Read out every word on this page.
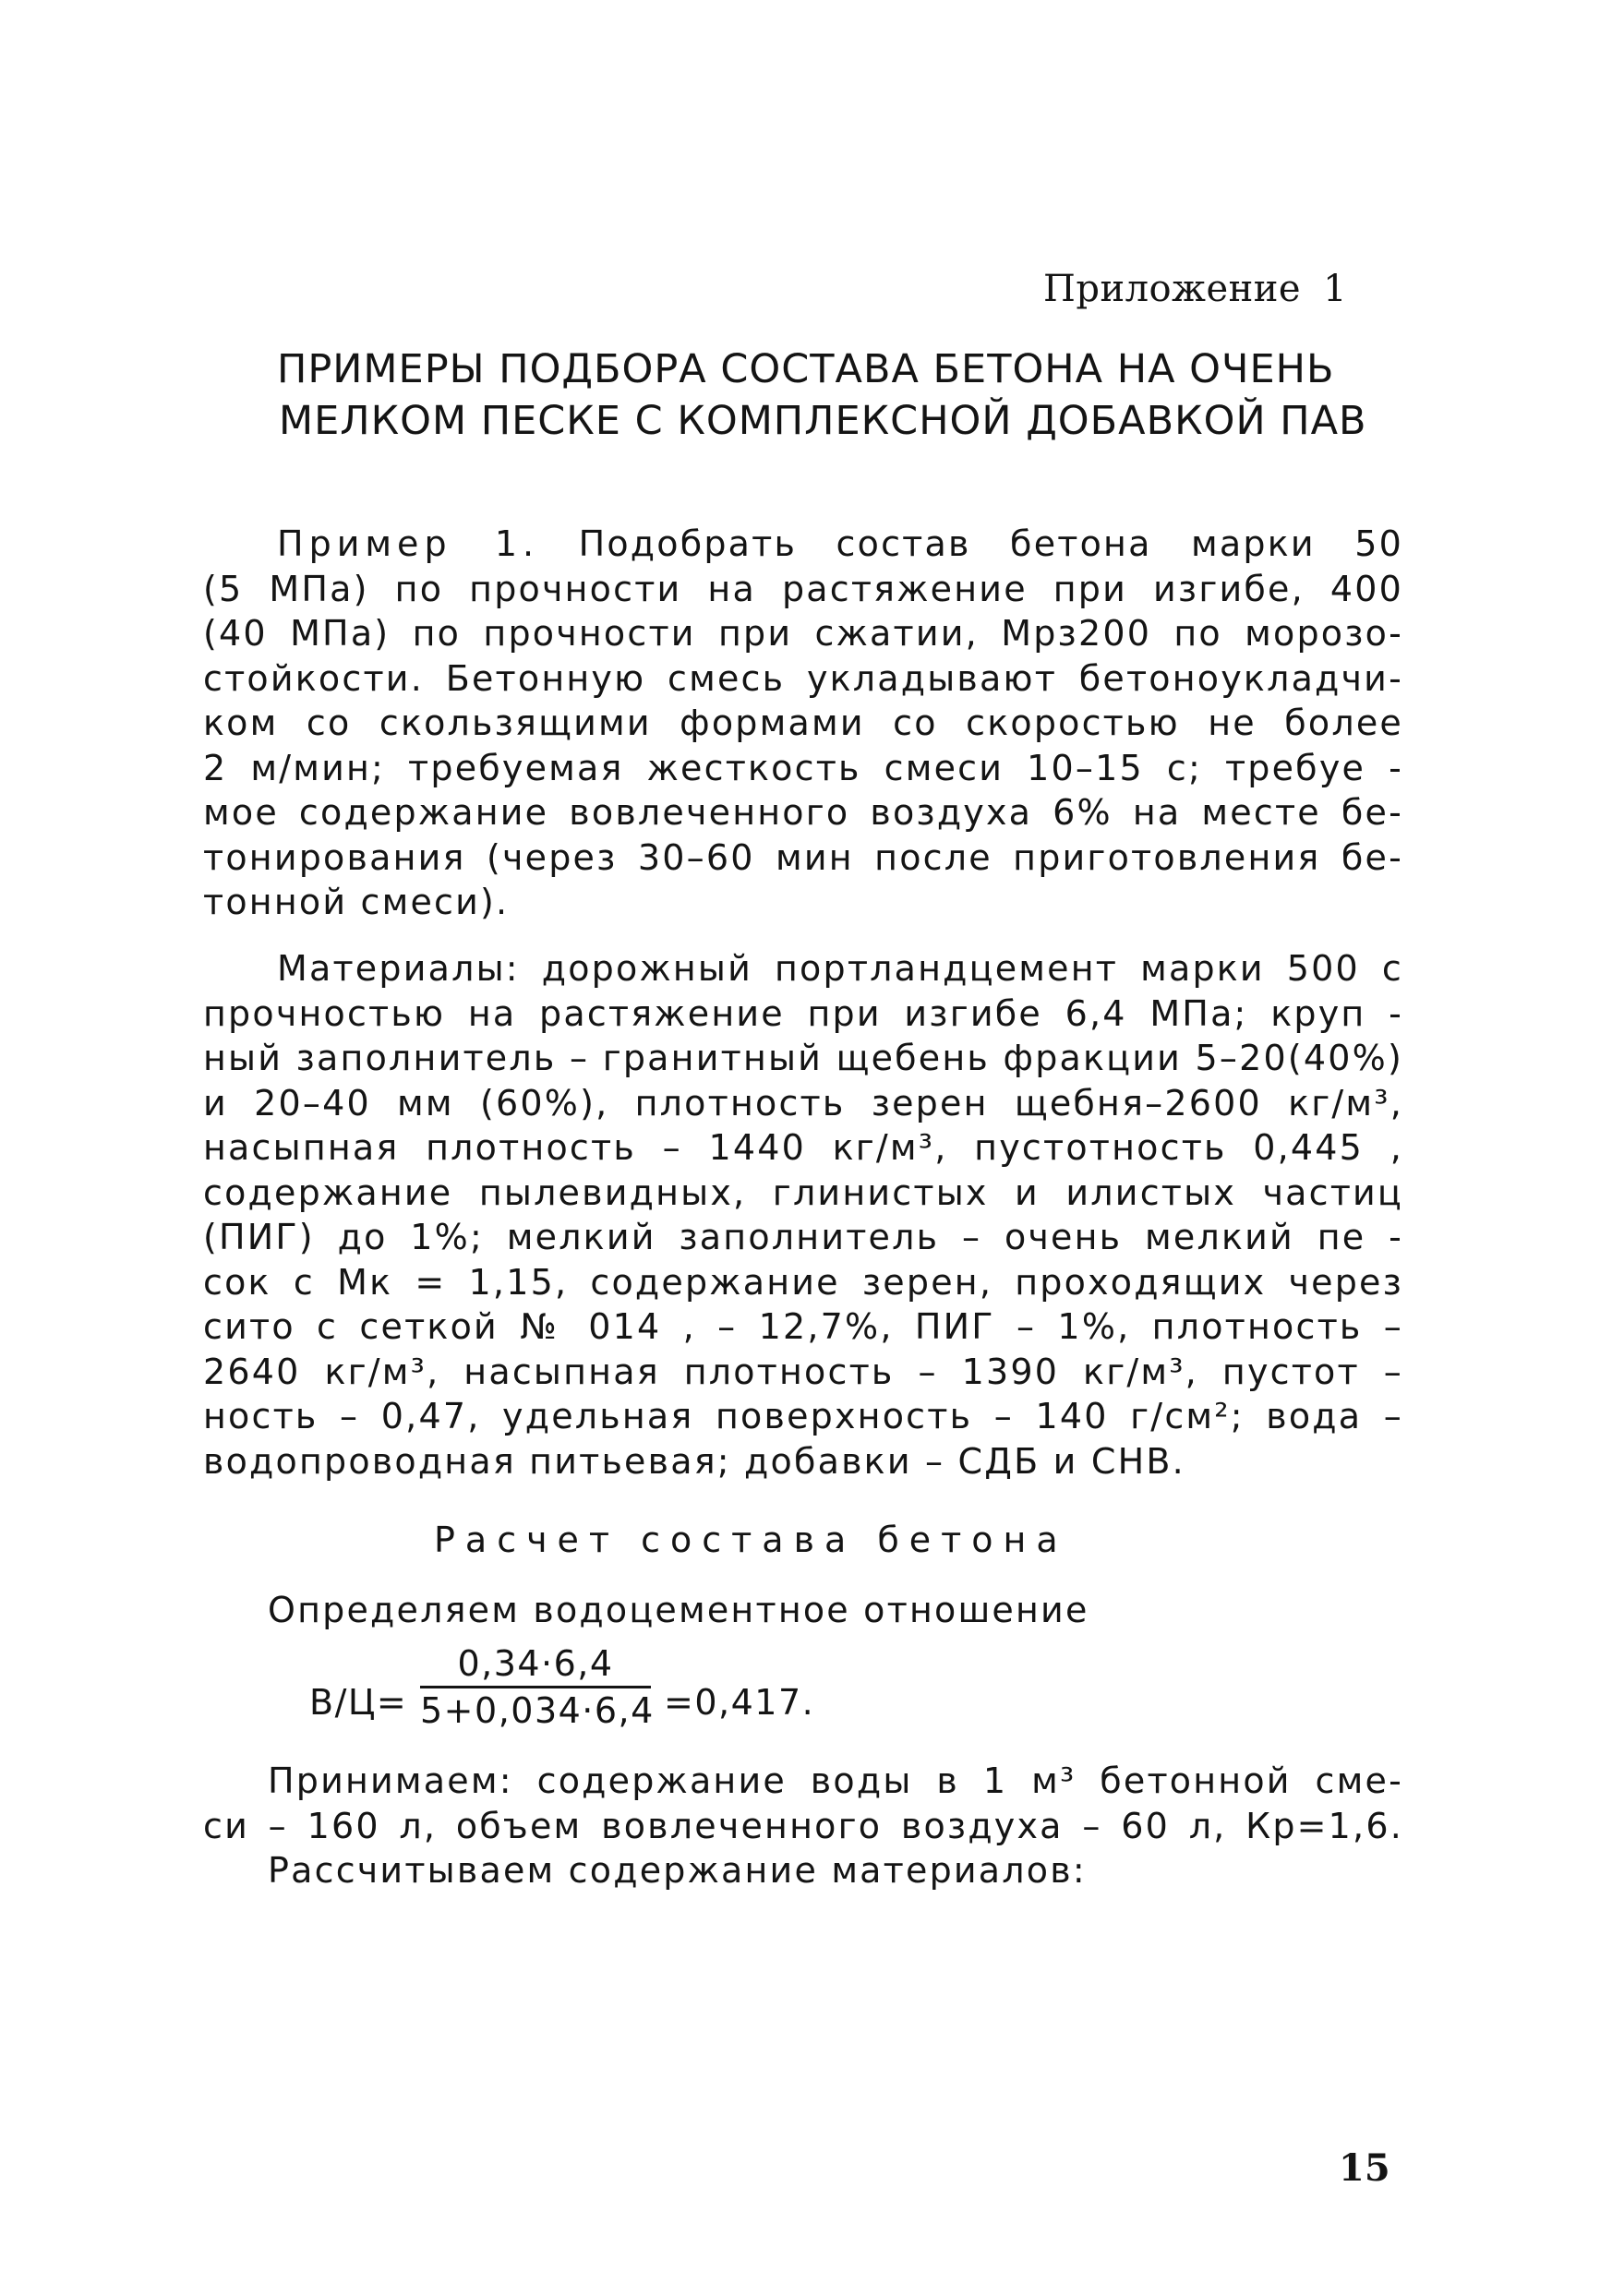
Приложение 1
ПРИМЕРЫ ПОДБОРА СОСТАВА БЕТОНА НА ОЧЕНЬ
МЕЛКОМ ПЕСКЕ С КОМПЛЕКСНОЙ ДОБАВКОЙ ПАВ
Пример 1. Подобрать состав бетона марки 50
(5 МПа) по прочности на растяжение при изгибе, 400
(40 МПа) по прочности при сжатии, Мрз200 по морозо-
стойкости. Бетонную смесь укладывают бетоноукладчи-
ком со скользящими формами со скоростью не более
2 м/мин; требуемая жесткость смеси 10–15 с; требуе -
мое содержание вовлеченного воздуха 6% на месте бе-
тонирования (через 30–60 мин после приготовления бе-
тонной смеси).
Материалы: дорожный портландцемент марки 500 с
прочностью на растяжение при изгибе 6,4 МПа; круп -
ный заполнитель – гранитный щебень фракции 5–20(40%)
и 20–40 мм (60%), плотность зерен щебня–2600 кг/м³,
насыпная плотность – 1440 кг/м³, пустотность 0,445 ,
содержание пылевидных, глинистых и илистых частиц
(ПИГ) до 1%; мелкий заполнитель – очень мелкий пе -
сок с Мк = 1,15, содержание зерен, проходящих через
сито с сеткой № 014 , – 12,7%, ПИГ – 1%, плотность –
2640 кг/м³, насыпная плотность – 1390 кг/м³, пустот –
ность – 0,47, удельная поверхность – 140 г/см²; вода –
водопроводная питьевая; добавки – СДБ и СНВ.
Расчет состава бетона
Определяем водоцементное отношение
В/Ц=
0,34·6,4
5+0,034·6,4 =0,417.
Принимаем: содержание воды в 1 м³ бетонной сме-
си – 160 л, объем вовлеченного воздуха – 60 л, Кр=1,6.
Рассчитываем содержание материалов:
15
